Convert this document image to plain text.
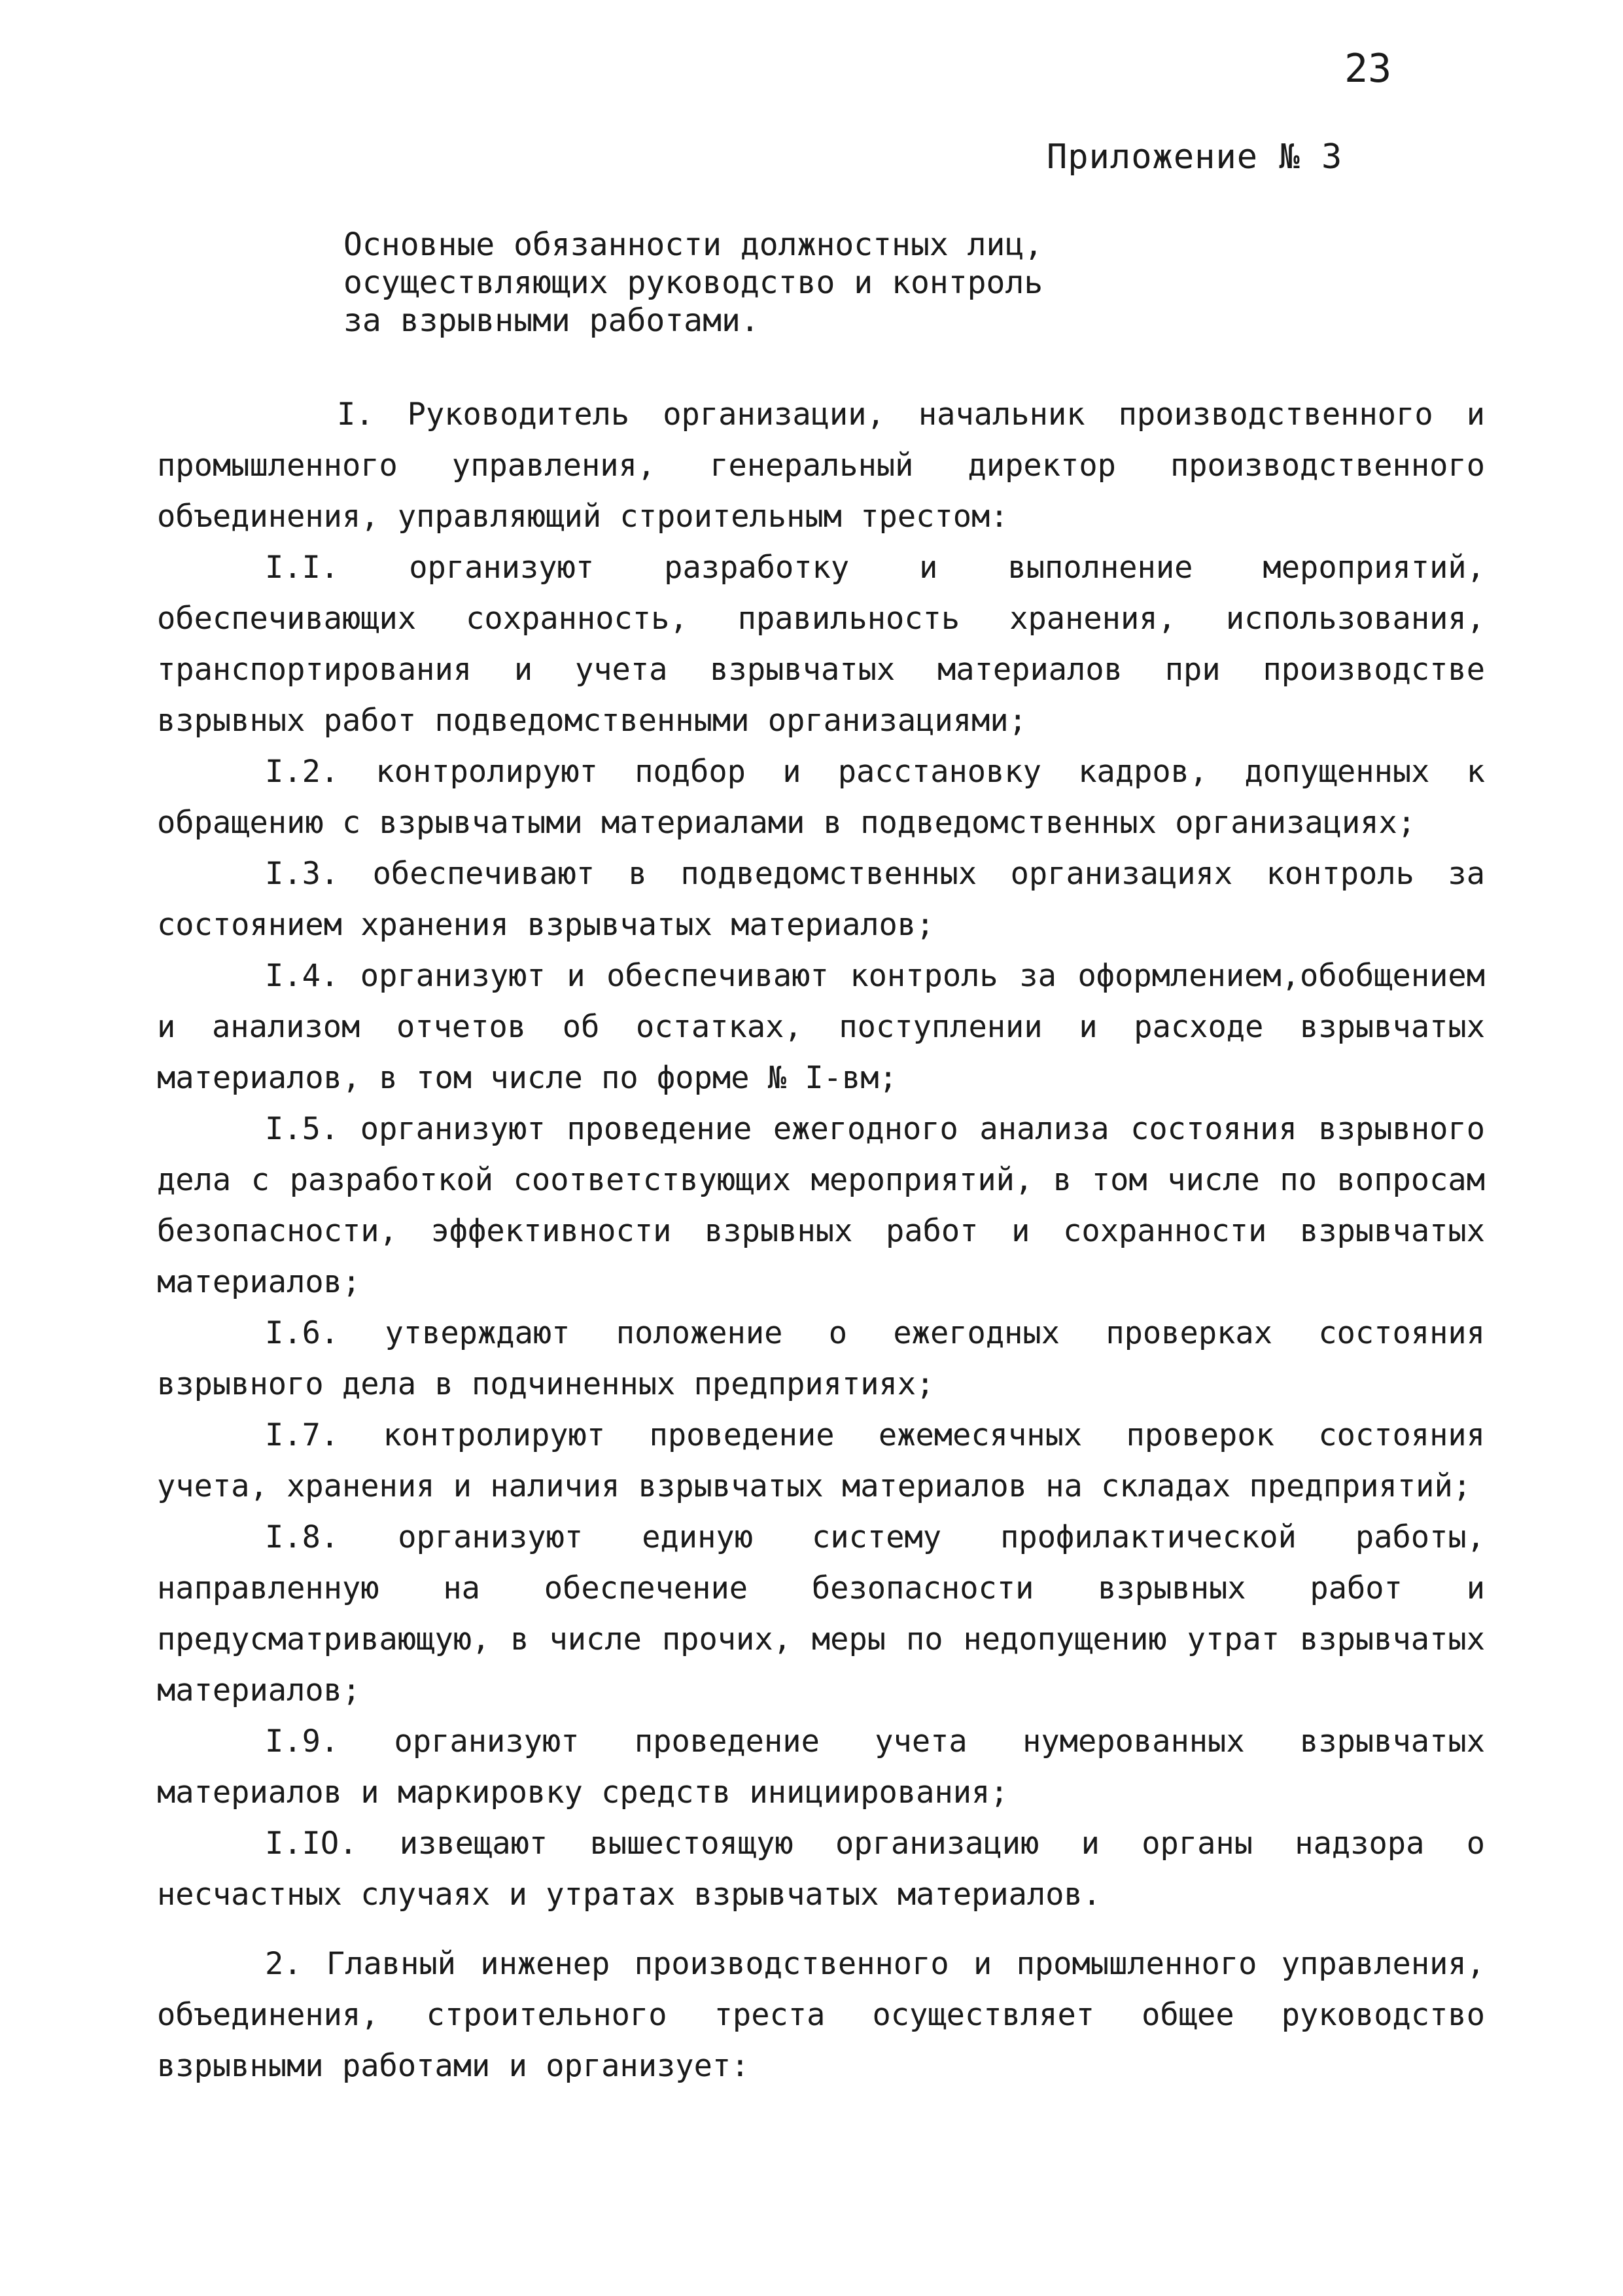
23
Приложение № 3
Основные обязанности должностных лиц,
осуществляющих руководство и контроль
за взрывными работами.

I. Руководитель организации, начальник производственного и промышленного управления, генеральный директор производственного объединения, управляющий строительным трестом:

I.I. организуют разработку и выполнение мероприятий, обеспечивающих сохранность, правильность хранения, использования, транспортирования и учета взрывчатых материалов при производстве взрывных работ подведомственными организациями;

I.2. контролируют подбор и расстановку кадров, допущенных к обращению с взрывчатыми материалами в подведомственных организациях;

I.3. обеспечивают в подведомственных организациях контроль за состоянием хранения взрывчатых материалов;

I.4. организуют и обеспечивают контроль за оформлением,обобщением и анализом отчетов об остатках, поступлении и расходе взрывчатых материалов, в том числе по форме № I-вм;

I.5. организуют проведение ежегодного анализа состояния взрывного дела с разработкой соответствующих мероприятий, в том числе по вопросам безопасности, эффективности взрывных работ и сохранности взрывчатых материалов;

I.6. утверждают положение о ежегодных проверках состояния взрывного дела в подчиненных предприятиях;

I.7. контролируют проведение ежемесячных проверок состояния учета, хранения и наличия взрывчатых материалов на складах предприятий;

I.8. организуют единую систему профилактической работы, направленную на обеспечение безопасности взрывных работ и предусматривающую, в числе прочих, меры по недопущению утрат взрывчатых материалов;

I.9. организуют проведение учета нумерованных взрывчатых материалов и маркировку средств инициирования;

I.IO. извещают вышестоящую организацию и органы надзора о несчастных случаях и утратах взрывчатых материалов.

2. Главный инженер производственного и промышленного управления, объединения, строительного треста осуществляет общее руководство взрывными работами и организует:
